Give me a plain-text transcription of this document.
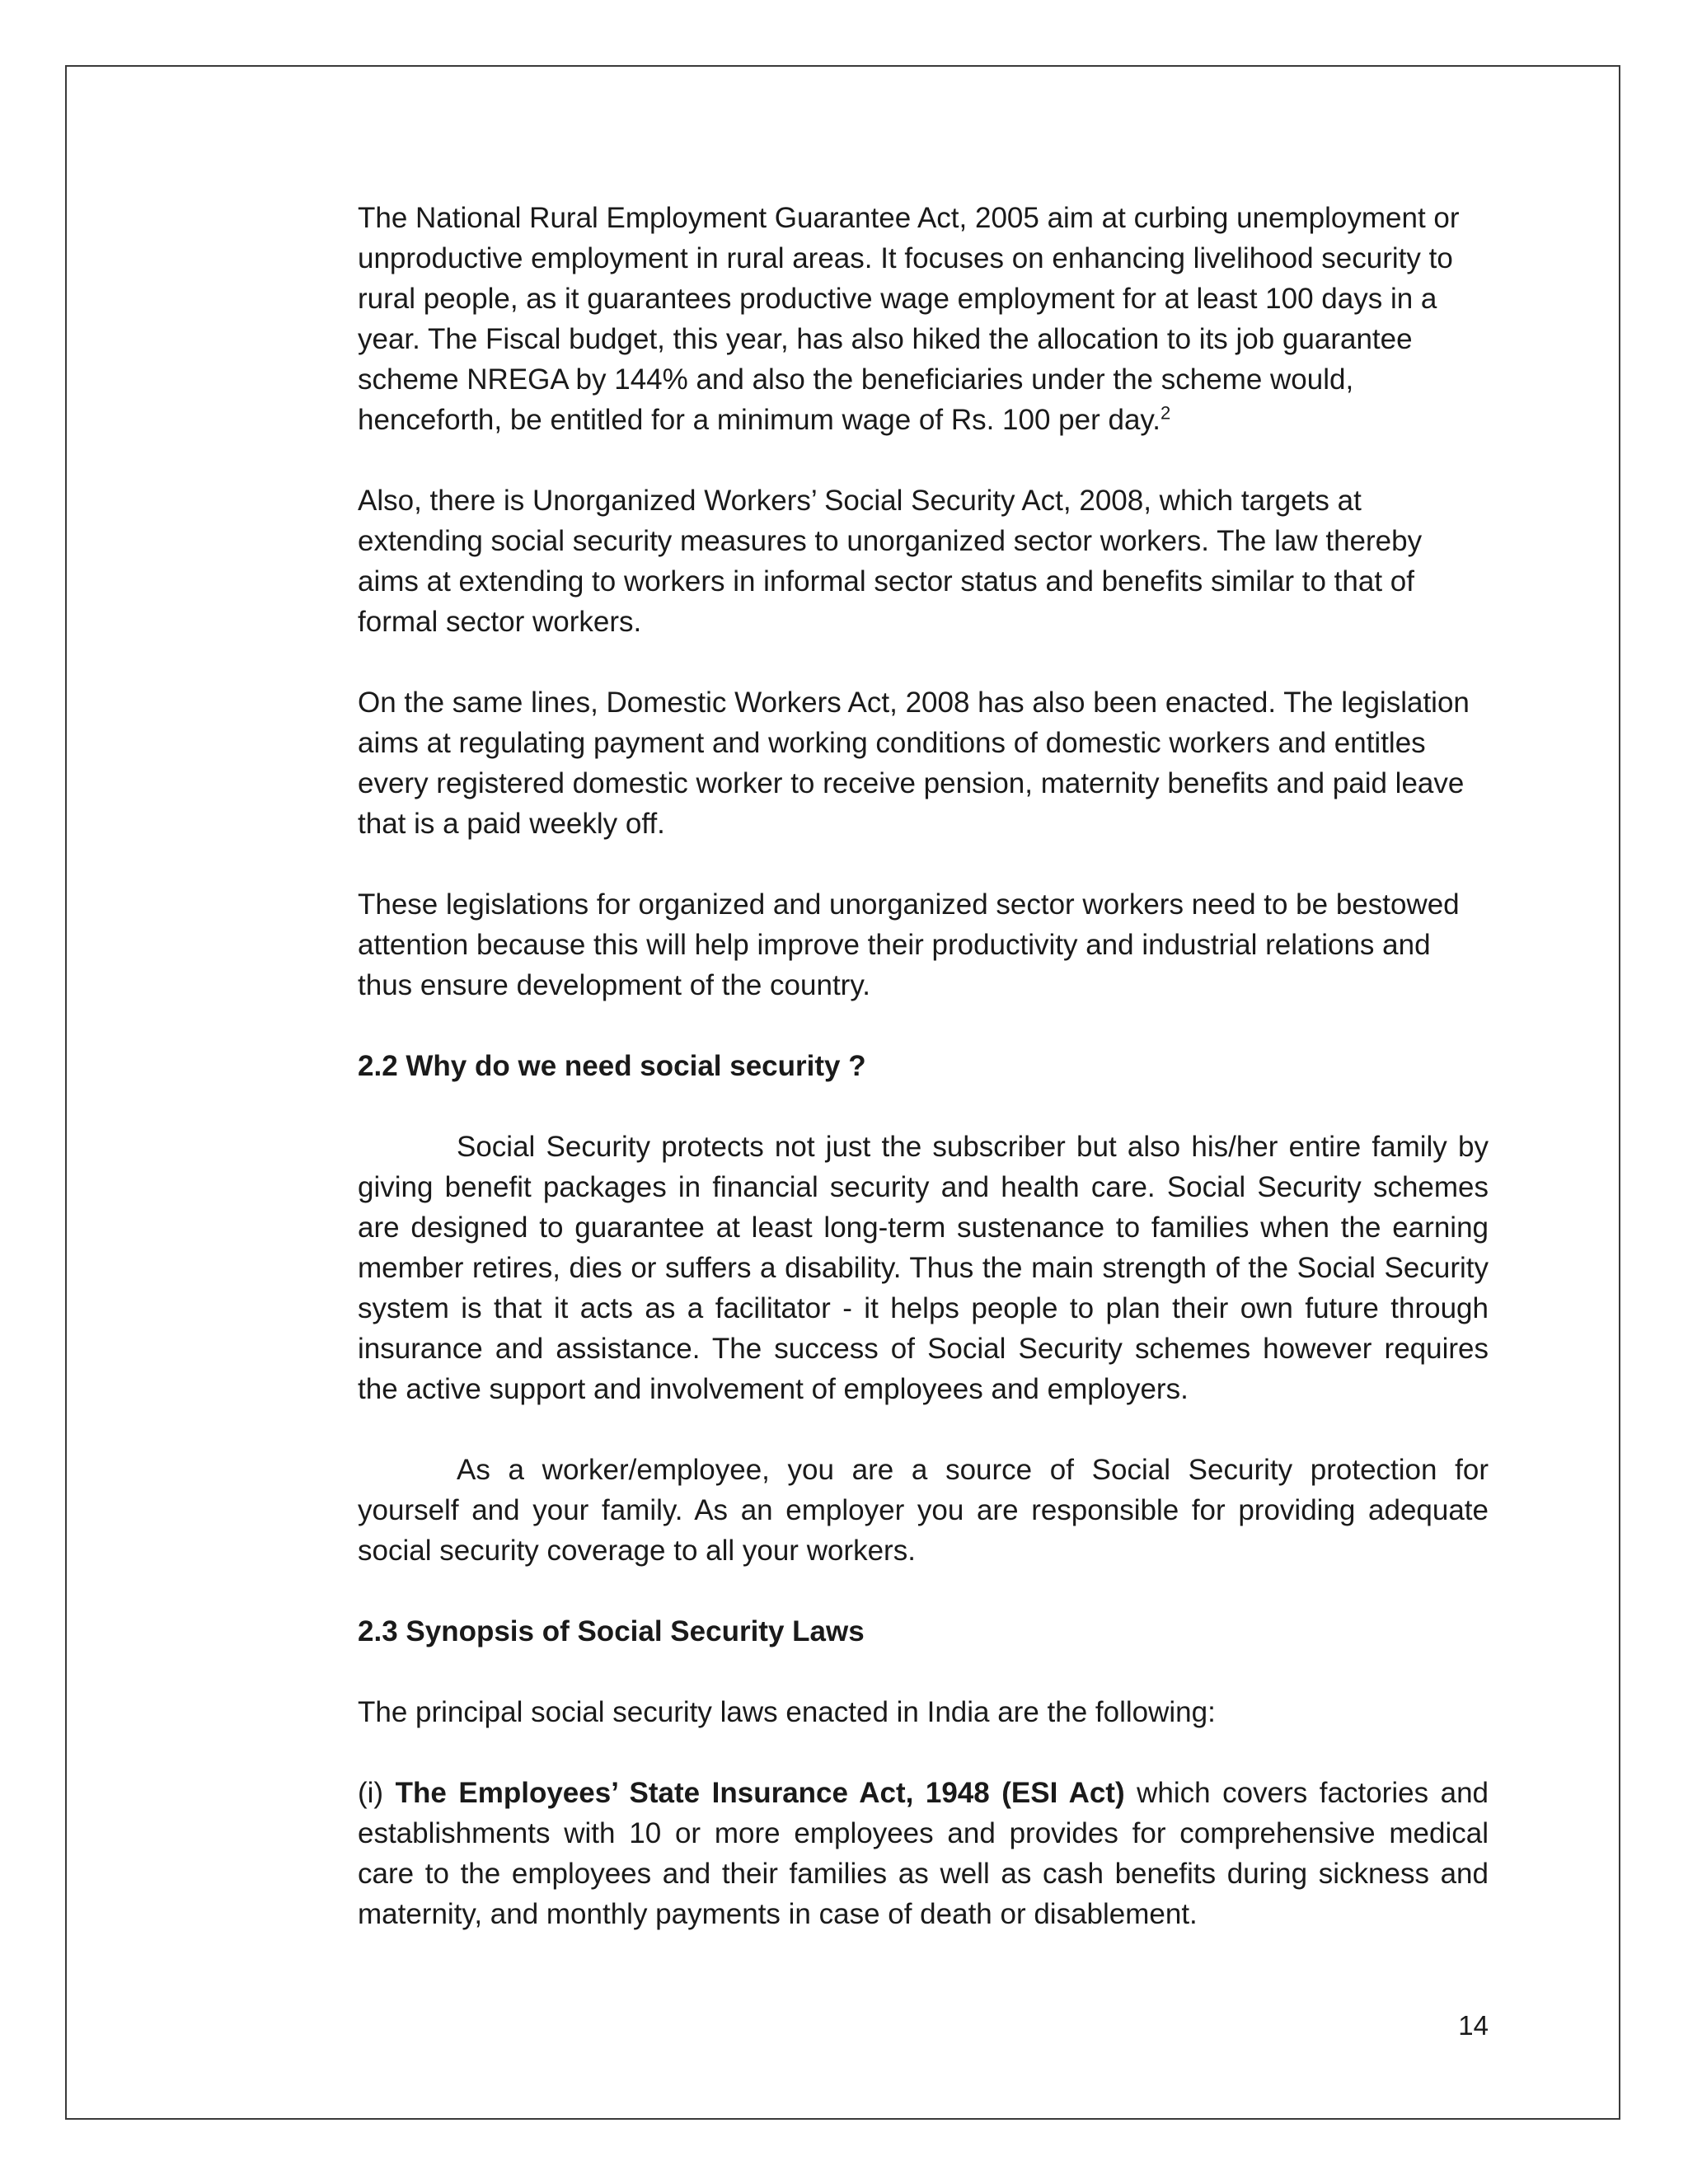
The National Rural Employment Guarantee Act, 2005 aim at curbing unemployment or unproductive employment in rural areas. It focuses on enhancing livelihood security to rural people, as it guarantees productive wage employment for at least 100 days in a year. The Fiscal budget, this year, has also hiked the allocation to its job guarantee scheme NREGA by 144% and also the beneficiaries under the scheme would, henceforth, be entitled for a minimum wage of Rs. 100 per day.$^2$

Also, there is Unorganized Workers’ Social Security Act, 2008, which targets at extending social security measures to unorganized sector workers. The law thereby aims at extending to workers in informal sector status and benefits similar to that of formal sector workers.

On the same lines, Domestic Workers Act, 2008 has also been enacted. The legislation aims at regulating payment and working conditions of domestic workers and entitles every registered domestic worker to receive pension, maternity benefits and paid leave that is a paid weekly off.

These legislations for organized and unorganized sector workers need to be bestowed attention because this will help improve their productivity and industrial relations and thus ensure development of the country.

2.2 Why do we need social security ?

Social Security protects not just the subscriber but also his/her entire family by giving benefit packages in financial security and health care. Social Security schemes are designed to guarantee at least long-term sustenance to families when the earning member retires, dies or suffers a disability. Thus the main strength of the Social Security system is that it acts as a facilitator - it helps people to plan their own future through insurance and assistance. The success of Social Security schemes however requires the active support and involvement of employees and employers.

As a worker/employee, you are a source of Social Security protection for yourself and your family. As an employer you are responsible for providing adequate social security coverage to all your workers.

2.3 Synopsis of Social Security Laws

The principal social security laws enacted in India are the following:

(i) The Employees’ State Insurance Act, 1948 (ESI Act) which covers factories and establishments with 10 or more employees and provides for comprehensive medical care to the employees and their families as well as cash benefits during sickness and maternity, and monthly payments in case of death or disablement.

14
